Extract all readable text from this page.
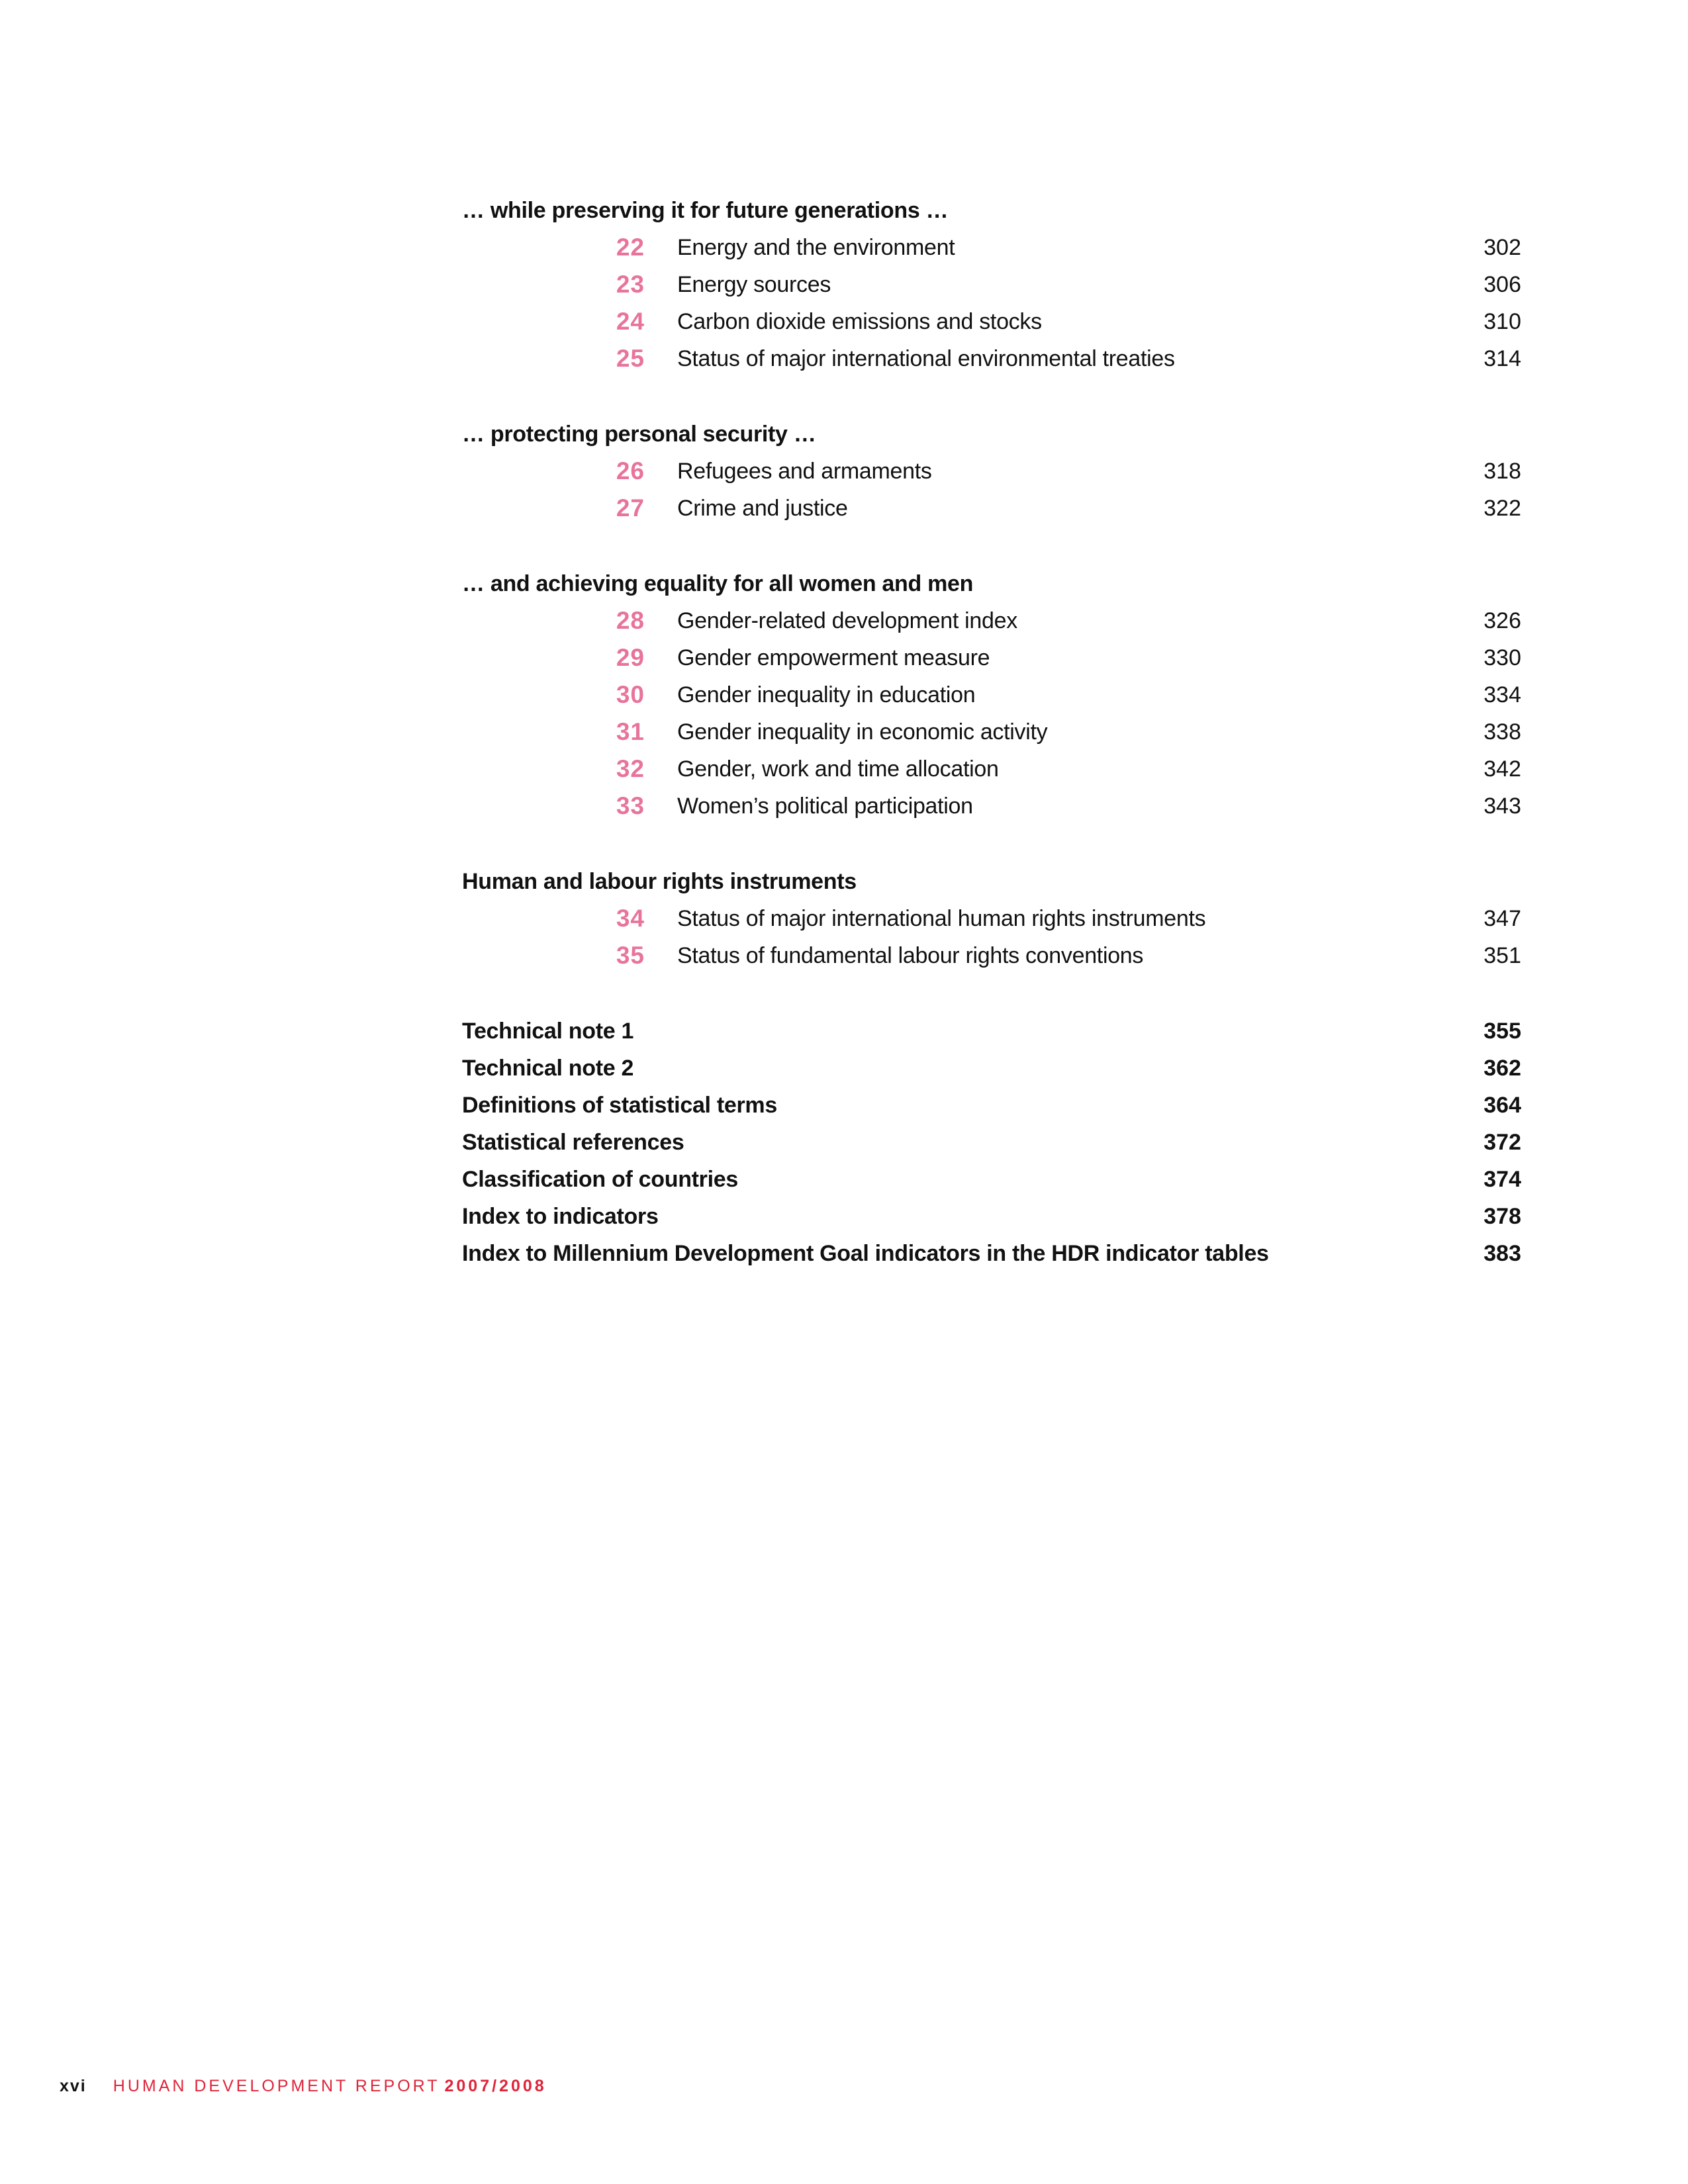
… while preserving it for future generations …
22 Energy and the environment	302
23 Energy sources	306
24 Carbon dioxide emissions and stocks	310
25 Status of major international environmental treaties	314
… protecting personal security …
26 Refugees and armaments	318
27 Crime and justice	322
… and achieving equality for all women and men
28 Gender-related development index	326
29 Gender empowerment measure	330
30 Gender inequality in education	334
31 Gender inequality in economic activity	338
32 Gender, work and time allocation	342
33 Women’s political participation	343
Human and labour rights instruments
34 Status of major international human rights instruments	347
35 Status of fundamental labour rights conventions	351
Technical note 1	355
Technical note 2	362
Definitions of statistical terms	364
Statistical references	372
Classification of countries	374
Index to indicators	378
Index to Millennium Development Goal indicators in the HDR indicator tables	383
xvi HUMAN DEVELOPMENT REPORT 2007/2008
